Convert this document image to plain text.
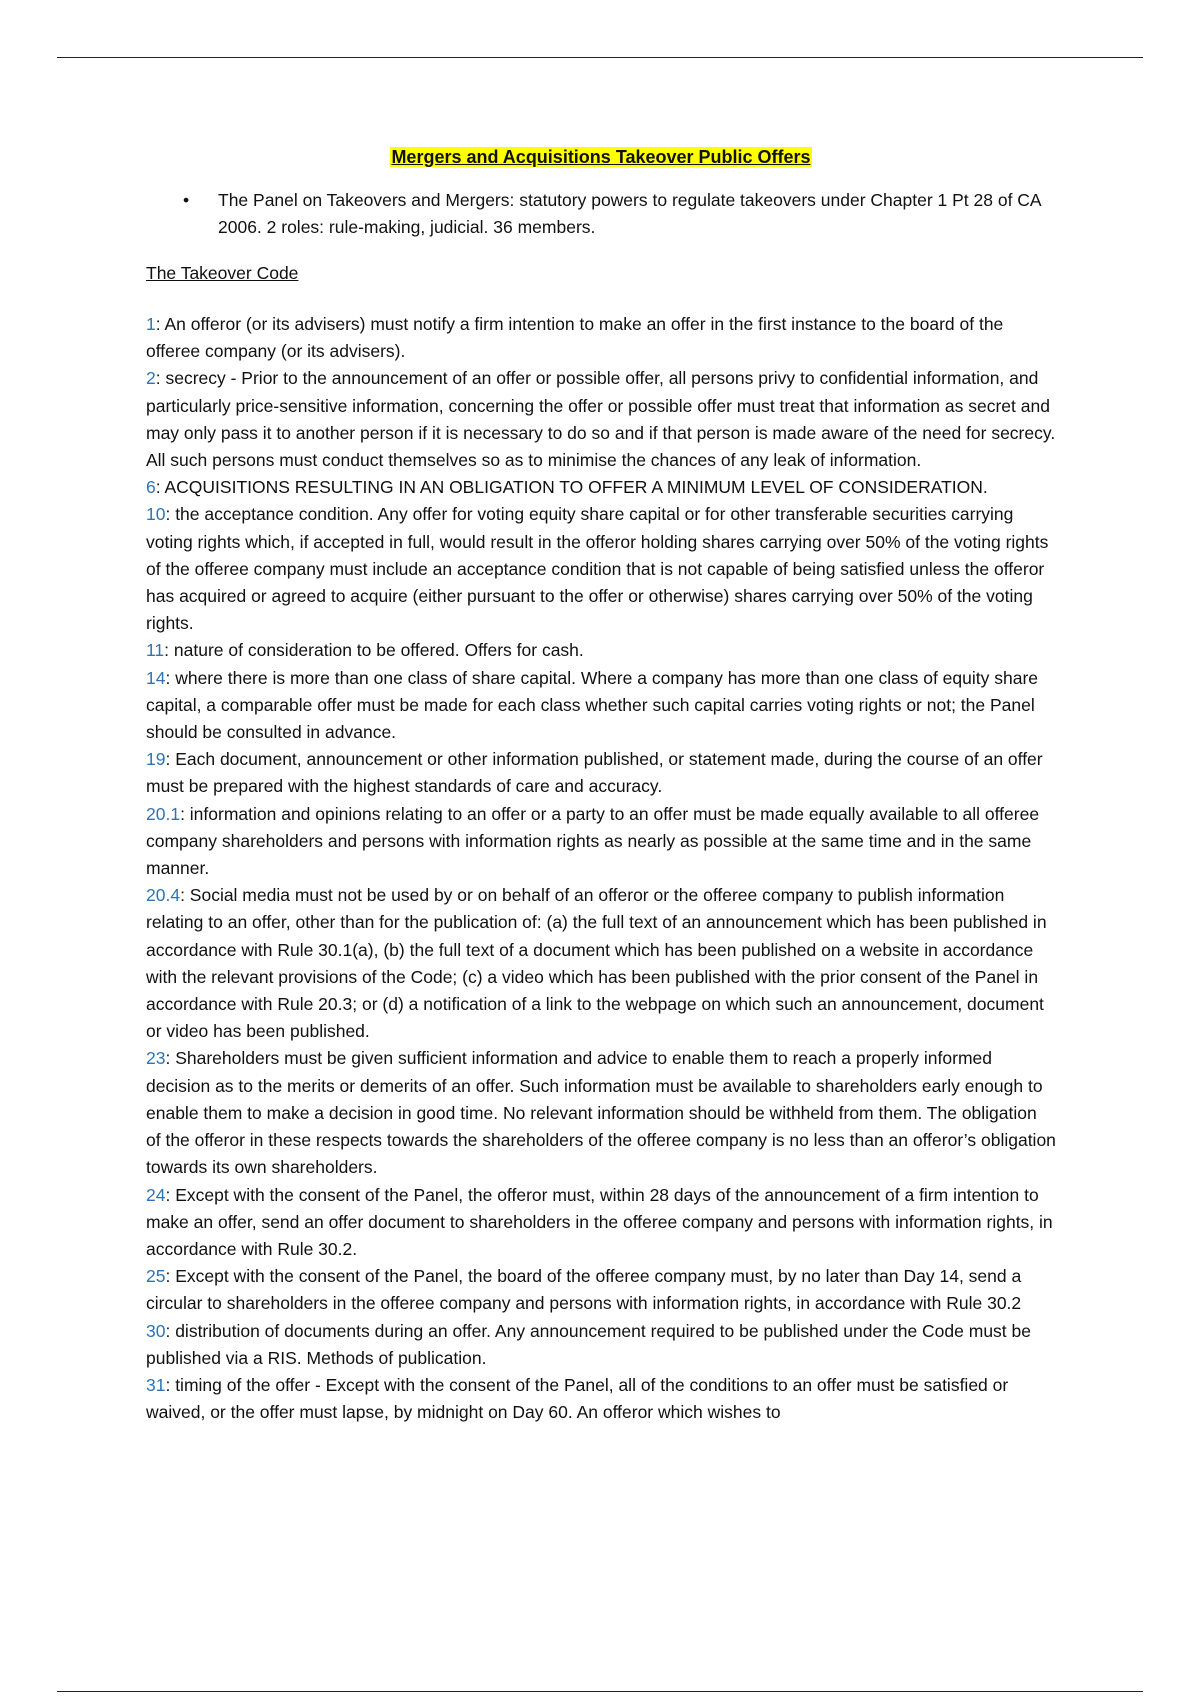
Mergers and Acquisitions Takeover Public Offers
• The Panel on Takeovers and Mergers: statutory powers to regulate takeovers under Chapter 1 Pt 28 of CA 2006. 2 roles: rule-making, judicial. 36 members.
The Takeover Code
1: An offeror (or its advisers) must notify a firm intention to make an offer in the first instance to the board of the offeree company (or its advisers).
2: secrecy - Prior to the announcement of an offer or possible offer, all persons privy to confidential information, and particularly price-sensitive information, concerning the offer or possible offer must treat that information as secret and may only pass it to another person if it is necessary to do so and if that person is made aware of the need for secrecy. All such persons must conduct themselves so as to minimise the chances of any leak of information.
6: ACQUISITIONS RESULTING IN AN OBLIGATION TO OFFER A MINIMUM LEVEL OF CONSIDERATION.
10: the acceptance condition. Any offer for voting equity share capital or for other transferable securities carrying voting rights which, if accepted in full, would result in the offeror holding shares carrying over 50% of the voting rights of the offeree company must include an acceptance condition that is not capable of being satisfied unless the offeror has acquired or agreed to acquire (either pursuant to the offer or otherwise) shares carrying over 50% of the voting rights.
11: nature of consideration to be offered. Offers for cash.
14: where there is more than one class of share capital. Where a company has more than one class of equity share capital, a comparable offer must be made for each class whether such capital carries voting rights or not; the Panel should be consulted in advance.
19: Each document, announcement or other information published, or statement made, during the course of an offer must be prepared with the highest standards of care and accuracy.
20.1: information and opinions relating to an offer or a party to an offer must be made equally available to all offeree company shareholders and persons with information rights as nearly as possible at the same time and in the same manner.
20.4: Social media must not be used by or on behalf of an offeror or the offeree company to publish information relating to an offer, other than for the publication of: (a) the full text of an announcement which has been published in accordance with Rule 30.1(a), (b) the full text of a document which has been published on a website in accordance with the relevant provisions of the Code; (c) a video which has been published with the prior consent of the Panel in accordance with Rule 20.3; or (d) a notification of a link to the webpage on which such an announcement, document or video has been published.
23: Shareholders must be given sufficient information and advice to enable them to reach a properly informed decision as to the merits or demerits of an offer. Such information must be available to shareholders early enough to enable them to make a decision in good time. No relevant information should be withheld from them. The obligation of the offeror in these respects towards the shareholders of the offeree company is no less than an offeror’s obligation towards its own shareholders.
24: Except with the consent of the Panel, the offeror must, within 28 days of the announcement of a firm intention to make an offer, send an offer document to shareholders in the offeree company and persons with information rights, in accordance with Rule 30.2.
25: Except with the consent of the Panel, the board of the offeree company must, by no later than Day 14, send a circular to shareholders in the offeree company and persons with information rights, in accordance with Rule 30.2
30: distribution of documents during an offer. Any announcement required to be published under the Code must be published via a RIS. Methods of publication.
31: timing of the offer - Except with the consent of the Panel, all of the conditions to an offer must be satisfied or waived, or the offer must lapse, by midnight on Day 60. An offeror which wishes to
